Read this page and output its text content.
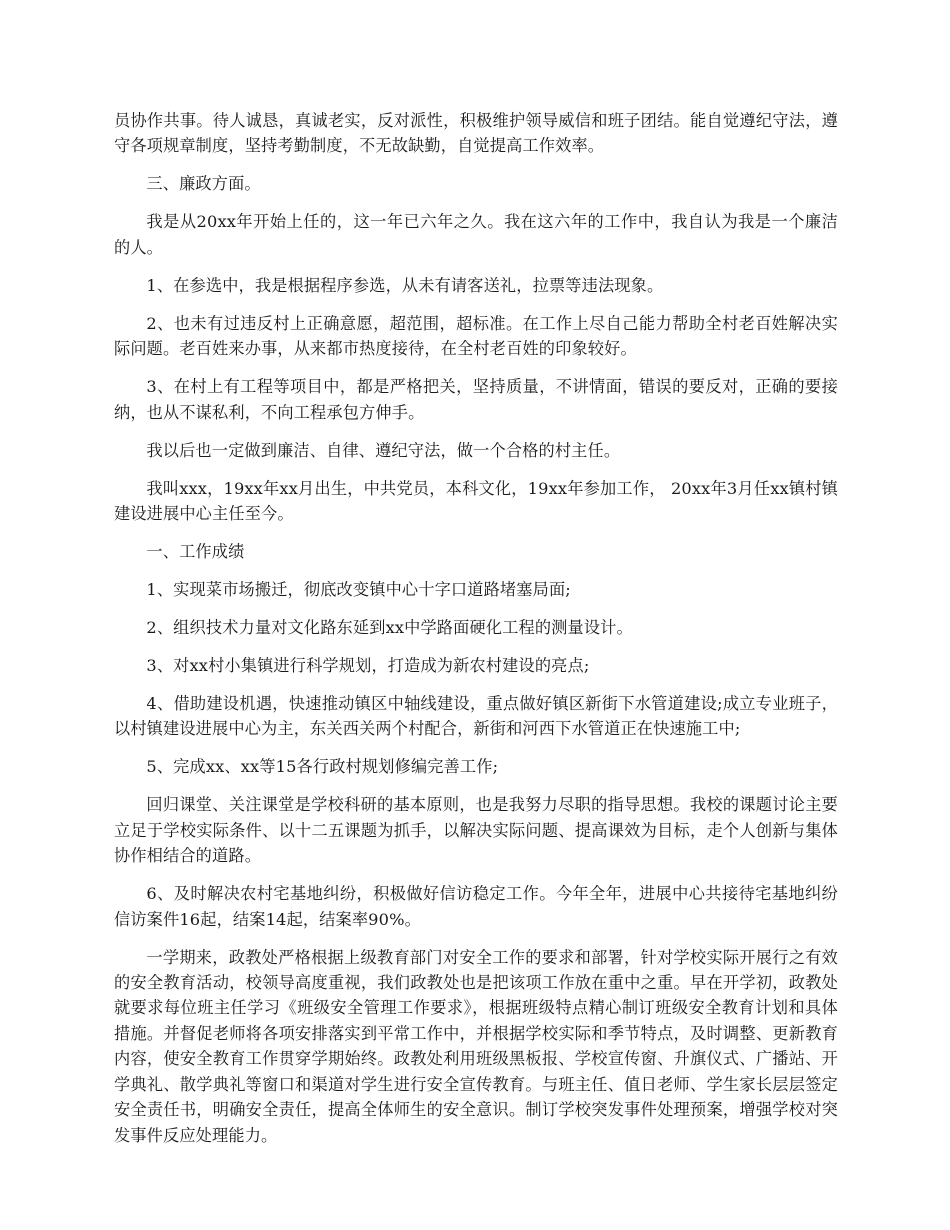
员协作共事。待人诚恳，真诚老实，反对派性，积极维护领导威信和班子团结。能自觉遵纪守法，遵守各项规章制度，坚持考勤制度，不无故缺勤，自觉提高工作效率。

三、廉政方面。

我是从20xx年开始上任的，这一年已六年之久。我在这六年的工作中，我自认为我是一个廉洁的人。

1、在参选中，我是根据程序参选，从未有请客送礼，拉票等违法现象。

2、也未有过违反村上正确意愿，超范围，超标准。在工作上尽自己能力帮助全村老百姓解决实际问题。老百姓来办事，从来都市热度接待，在全村老百姓的印象较好。

3、在村上有工程等项目中，都是严格把关，坚持质量，不讲情面，错误的要反对，正确的要接纳，也从不谋私利，不向工程承包方伸手。

我以后也一定做到廉洁、自律、遵纪守法，做一个合格的村主任。

我叫xxx，19xx年xx月出生，中共党员，本科文化，19xx年参加工作， 20xx年3月任xx镇村镇建设进展中心主任至今。

一、工作成绩

1、实现菜市场搬迁，彻底改变镇中心十字口道路堵塞局面;

2、组织技术力量对文化路东延到xx中学路面硬化工程的测量设计。

3、对xx村小集镇进行科学规划，打造成为新农村建设的亮点;

4、借助建设机遇，快速推动镇区中轴线建设，重点做好镇区新街下水管道建设;成立专业班子，以村镇建设进展中心为主，东关西关两个村配合，新街和河西下水管道正在快速施工中;

5、完成xx、xx等15各行政村规划修编完善工作;

回归课堂、关注课堂是学校科研的基本原则，也是我努力尽职的指导思想。我校的课题讨论主要立足于学校实际条件、以十二五课题为抓手，以解决实际问题、提高课效为目标，走个人创新与集体协作相结合的道路。

6、及时解决农村宅基地纠纷，积极做好信访稳定工作。今年全年，进展中心共接待宅基地纠纷信访案件16起，结案14起，结案率90%。

一学期来，政教处严格根据上级教育部门对安全工作的要求和部署，针对学校实际开展行之有效的安全教育活动，校领导高度重视，我们政教处也是把该项工作放在重中之重。早在开学初，政教处就要求每位班主任学习《班级安全管理工作要求》，根据班级特点精心制订班级安全教育计划和具体措施。并督促老师将各项安排落实到平常工作中，并根据学校实际和季节特点，及时调整、更新教育内容，使安全教育工作贯穿学期始终。政教处利用班级黑板报、学校宣传窗、升旗仪式、广播站、开学典礼、散学典礼等窗口和渠道对学生进行安全宣传教育。与班主任、值日老师、学生家长层层签定安全责任书，明确安全责任，提高全体师生的安全意识。制订学校突发事件处理预案，增强学校对突发事件反应处理能力。
